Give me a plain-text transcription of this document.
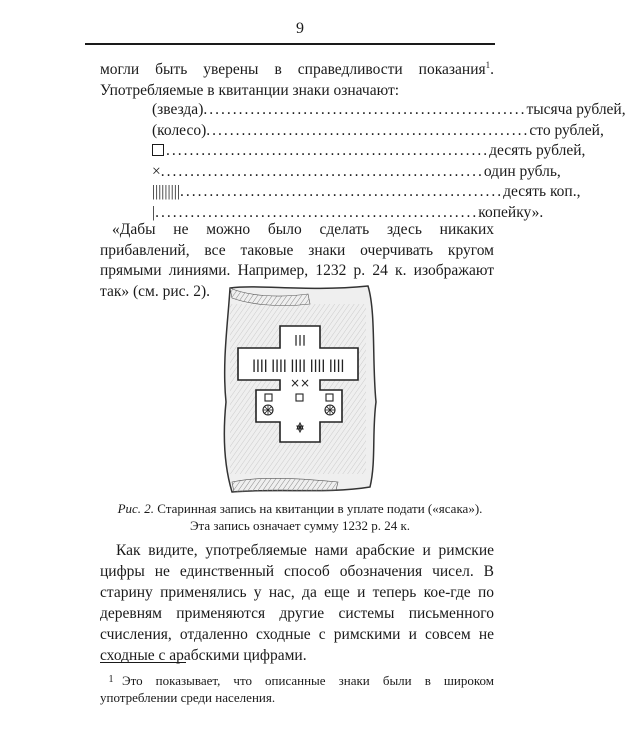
9
могли быть уверены в справедливости показания$^1$. Употребляемые в квитанции знаки означают:
(звезда) ....................................................... тысяча рублей,
(колесо) ....................................................... сто рублей,
....................................................... десять рублей,
× ....................................................... один рубль,
||||||||| ....................................................... десять коп.,
| ....................................................... копейку».
«Дабы не можно было сделать здесь никаких прибавлений, все таковые знаки очерчивать кругом прямыми линиями. Например, 1232 р. 24 к. изображают так» (см. рис. 2).
|||
|||| |||| |||| |||| ||||
××
Рис. 2. Старинная запись на квитанции в уплате подати («ясака»).
Эта запись означает сумму 1232 р. 24 к.
Как видите, употребляемые нами арабские и римские цифры не единственный способ обозначения чисел. В старину применялись у нас, да еще и теперь кое-где по деревням применяются другие системы письменного счисления, отдаленно сходные с римскими и совсем не сходные с арабскими цифрами.
1 Это показывает, что описанные знаки были в широком употреблении среди населения.
